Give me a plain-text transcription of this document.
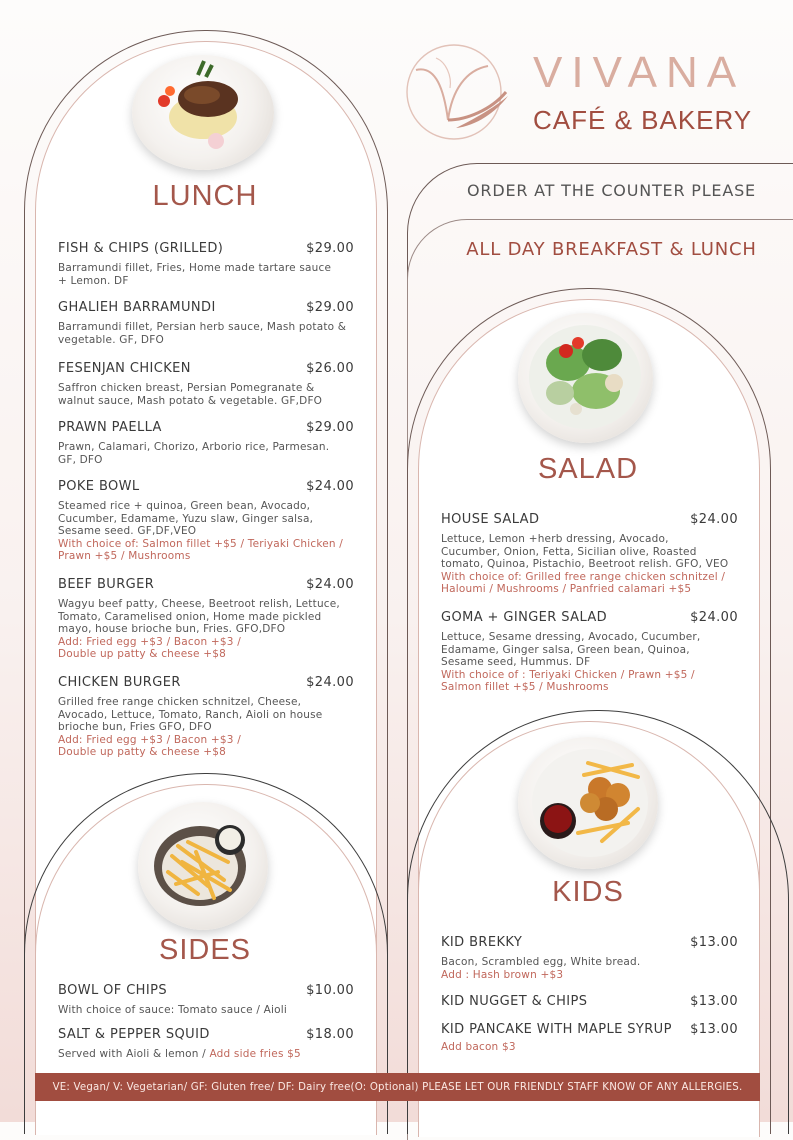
VIVANA
CAFÉ & BAKERY
ORDER AT THE COUNTER PLEASE
ALL DAY BREAKFAST & LUNCH
LUNCH
FISH & CHIPS (GRILLED)	$29.00
Barramundi fillet, Fries, Home made tartare sauce + Lemon. DF
GHALIEH BARRAMUNDI	$29.00
Barramundi fillet, Persian herb sauce, Mash potato & vegetable. GF, DFO
FESENJAN CHICKEN	$26.00
Saffron chicken breast, Persian Pomegranate & walnut sauce, Mash potato & vegetable. GF,DFO
PRAWN PAELLA	$29.00
Prawn, Calamari, Chorizo, Arborio rice, Parmesan. GF, DFO
POKE BOWL	$24.00
Steamed rice + quinoa, Green bean, Avocado, Cucumber, Edamame, Yuzu slaw, Ginger salsa, Sesame seed. GF,DF,VEO
With choice of: Salmon fillet +$5 / Teriyaki Chicken / Prawn +$5 / Mushrooms
BEEF BURGER	$24.00
Wagyu beef patty, Cheese, Beetroot relish, Lettuce, Tomato, Caramelised onion, Home made pickled mayo, house brioche bun, Fries. GFO,DFO
Add: Fried egg +$3 / Bacon +$3 / Double up patty & cheese +$8
CHICKEN BURGER	$24.00
Grilled free range chicken schnitzel, Cheese, Avocado, Lettuce, Tomato, Ranch, Aioli on house brioche bun, Fries GFO, DFO
Add: Fried egg +$3 / Bacon +$3 / Double up patty & cheese +$8
SIDES
BOWL OF CHIPS	$10.00
With choice of sauce: Tomato sauce / Aioli
SALT & PEPPER SQUID	$18.00
Served with Aioli & lemon / Add side fries $5
SALAD
HOUSE SALAD	$24.00
Lettuce, Lemon +herb dressing, Avocado, Cucumber, Onion, Fetta, Sicilian olive, Roasted tomato, Quinoa, Pistachio, Beetroot relish. GFO, VEO
With choice of: Grilled free range chicken schnitzel / Haloumi / Mushrooms / Panfried calamari +$5
GOMA + GINGER SALAD	$24.00
Lettuce, Sesame dressing, Avocado, Cucumber, Edamame, Ginger salsa, Green bean, Quinoa, Sesame seed, Hummus. DF
With choice of : Teriyaki Chicken / Prawn +$5 / Salmon fillet +$5 / Mushrooms
KIDS
KID BREKKY	$13.00
Bacon, Scrambled egg, White bread.
Add : Hash brown +$3
KID NUGGET & CHIPS	$13.00
KID PANCAKE WITH MAPLE SYRUP $13.00
Add bacon $3
VE: Vegan/ V: Vegetarian/ GF: Gluten free/ DF: Dairy free(O: Optional) PLEASE LET OUR FRIENDLY STAFF KNOW OF ANY ALLERGIES.
